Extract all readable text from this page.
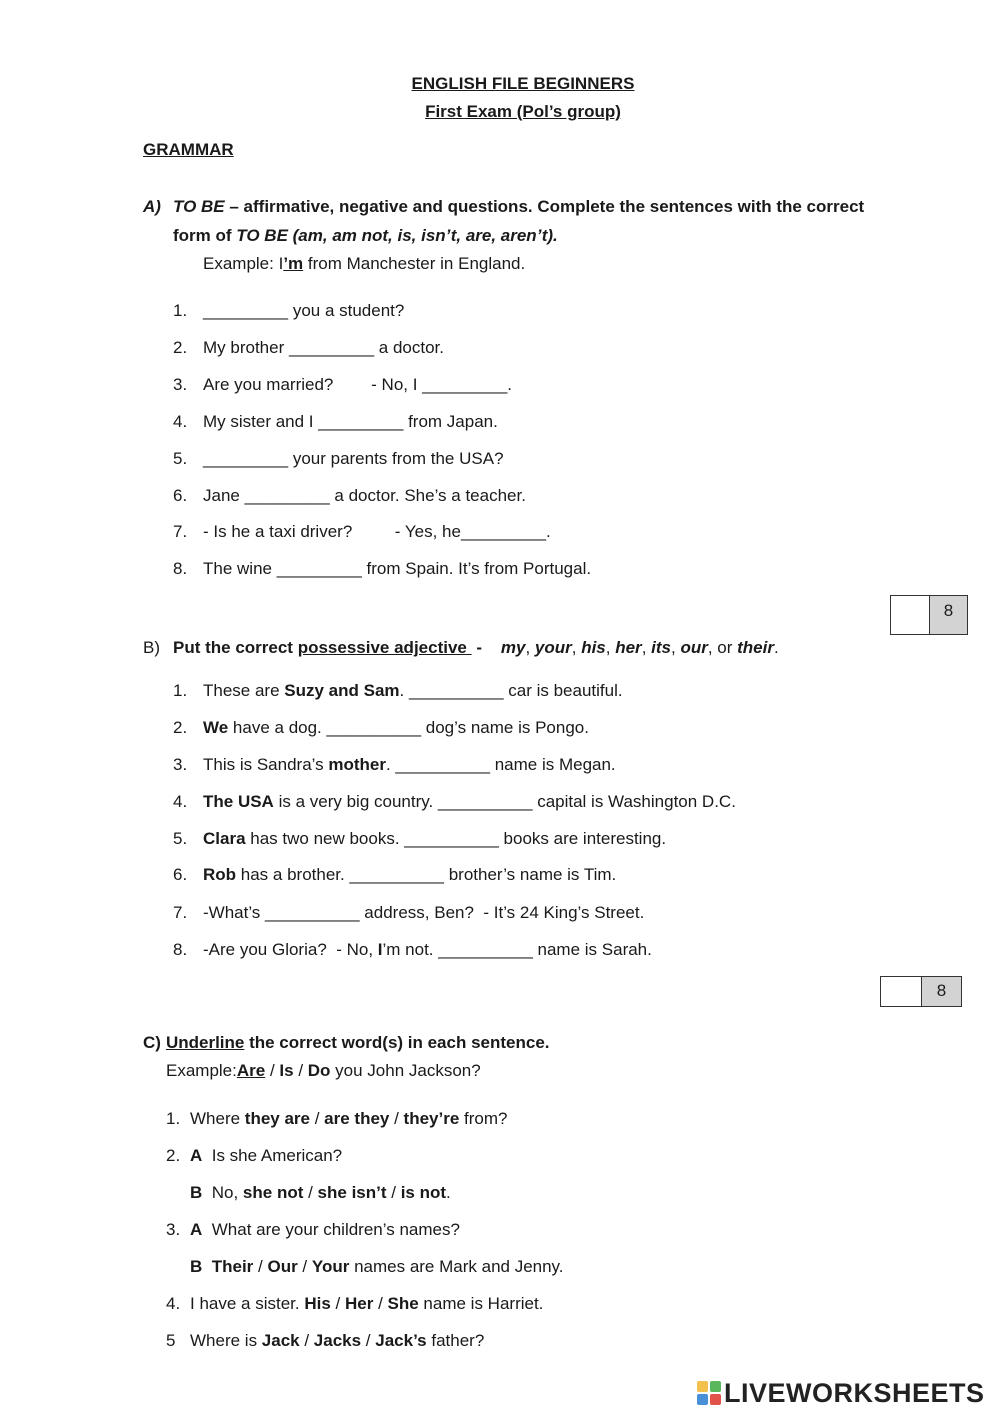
ENGLISH FILE BEGINNERS
First Exam (Pol’s group)
GRAMMAR
A) TO BE – affirmative, negative and questions. Complete the sentences with the correct
form of TO BE (am, am not, is, isn’t, are, aren’t).
Example: I’m from Manchester in England.
1. _________ you a student?
2. My brother _________ a doctor.
3. Are you married?        - No, I _________.
4. My sister and I _________ from Japan.
5. _________ your parents from the USA?
6. Jane _________ a doctor. She’s a teacher.
7. - Is he a taxi driver?         - Yes, he_________.
8. The wine _________ from Spain. It’s from Portugal.
8
B) Put the correct possessive adjective  -    my, your, his, her, its, our, or their.
1. These are Suzy and Sam. __________ car is beautiful.
2. We have a dog. __________ dog’s name is Pongo.
3. This is Sandra’s mother. __________ name is Megan.
4. The USA is a very big country. __________ capital is Washington D.C.
5. Clara has two new books. __________ books are interesting.
6. Rob has a brother. __________ brother’s name is Tim.
7. -What’s __________ address, Ben?  - It’s 24 King’s Street.
8. -Are you Gloria?  - No, I’m not. __________ name is Sarah.
8
C) Underline the correct word(s) in each sentence.
Example:Are / Is / Do you John Jackson?
1. Where they are / are they / they’re from?
2. A Is she American?
B No, she not / she isn’t / is not.
3. A What are your children’s names?
B Their / Our / Your names are Mark and Jenny.
4. I have a sister. His / Her / She name is Harriet.
5 Where is Jack / Jacks / Jack’s father?
LIVEWORKSHEETS
